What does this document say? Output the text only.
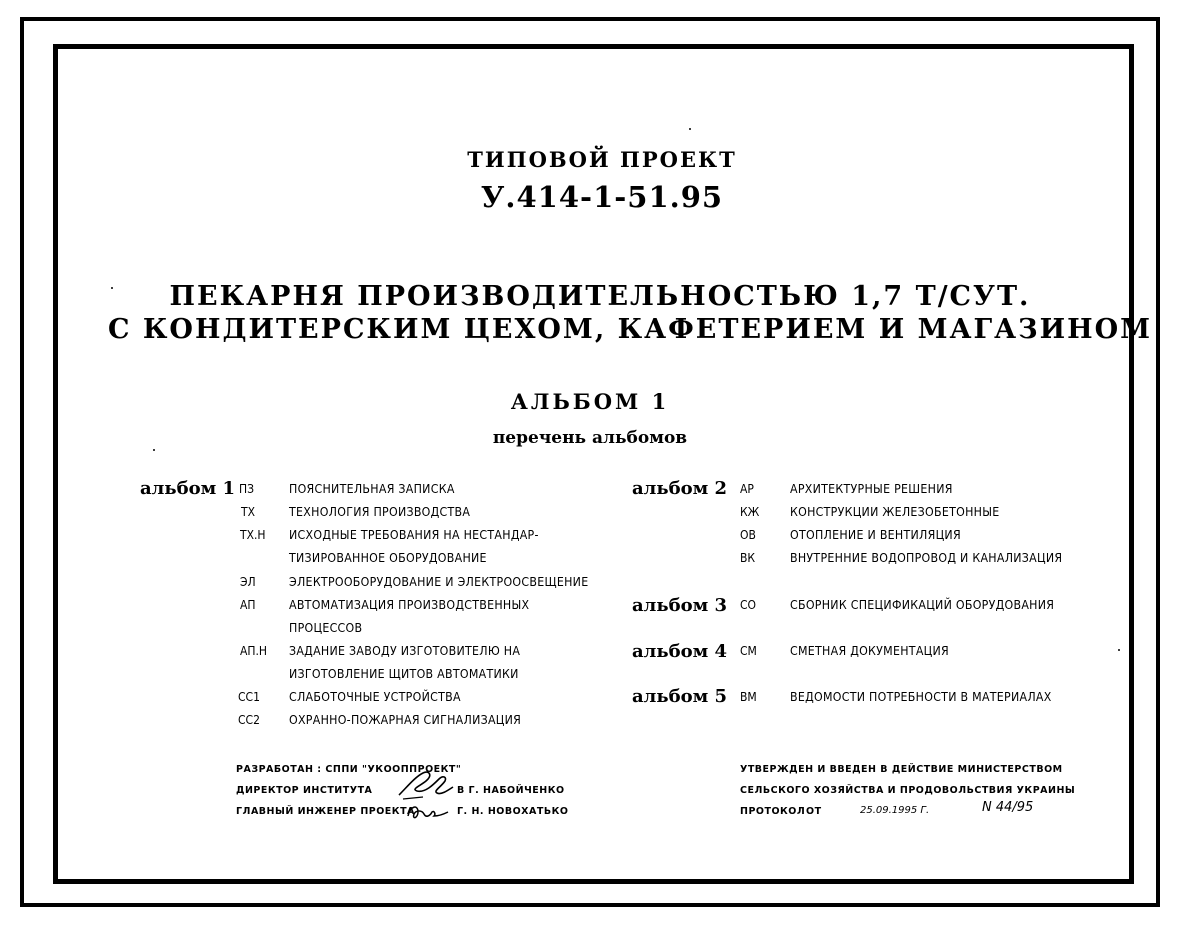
ТИПОВОЙ ПРОЕКТ
У.414-1-51.95
ПЕКАРНЯ ПРОИЗВОДИТЕЛЬНОСТЬЮ 1,7 Т/СУТ.
С КОНДИТЕРСКИМ ЦЕХОМ, КАФЕТЕРИЕМ И МАГАЗИНОМ
АЛЬБОМ 1
перечень альбомов
альбом 1 ПЗ	ПОЯСНИТЕЛЬНАЯ ЗАПИСКА
ТХ	ТЕХНОЛОГИЯ ПРОИЗВОДСТВА
ТХ.Н ИСХОДНЫЕ ТРЕБОВАНИЯ НА НЕСТАНДАР-
ТИЗИРОВАННОЕ ОБОРУДОВАНИЕ
ЭЛ	ЭЛЕКТРООБОРУДОВАНИЕ И ЭЛЕКТРООСВЕЩЕНИЕ
АП	АВТОМАТИЗАЦИЯ ПРОИЗВОДСТВЕННЫХ
ПРОЦЕССОВ
АП.Н ЗАДАНИЕ ЗАВОДУ ИЗГОТОВИТЕЛЮ НА
ИЗГОТОВЛЕНИЕ ЩИТОВ АВТОМАТИКИ
СС1 СЛАБОТОЧНЫЕ УСТРОЙСТВА
СС2 ОХРАННО-ПОЖАРНАЯ СИГНАЛИЗАЦИЯ
альбом 2 АР	АРХИТЕКТУРНЫЕ РЕШЕНИЯ
КЖ	КОНСТРУКЦИИ ЖЕЛЕЗОБЕТОННЫЕ
ОВ	ОТОПЛЕНИЕ И ВЕНТИЛЯЦИЯ
ВК	ВНУТРЕННИЕ ВОДОПРОВОД И КАНАЛИЗАЦИЯ
альбом 3 СО	СБОРНИК СПЕЦИФИКАЦИЙ ОБОРУДОВАНИЯ
альбом 4 СМ	СМЕТНАЯ ДОКУМЕНТАЦИЯ
альбом 5 ВМ	ВЕДОМОСТИ ПОТРЕБНОСТИ В МАТЕРИАЛАХ
РАЗРАБОТАН : СППИ "УКООППРОЕКТ"
ДИРЕКТОР ИНСТИТУТА	В Г. НАБОЙЧЕНКО
ГЛАВНЫЙ ИНЖЕНЕР ПРОЕКТА	Г. Н. НОВОХАТЬКО
УТВЕРЖДЕН И ВВЕДЕН В ДЕЙСТВИЕ МИНИСТЕРСТВОМ
СЕЛЬСКОГО ХОЗЯЙСТВА И ПРОДОВОЛЬСТВИЯ УКРАИНЫ
ПРОТОКОЛ ОТ	25.09.1995 Г.	N 44/95
